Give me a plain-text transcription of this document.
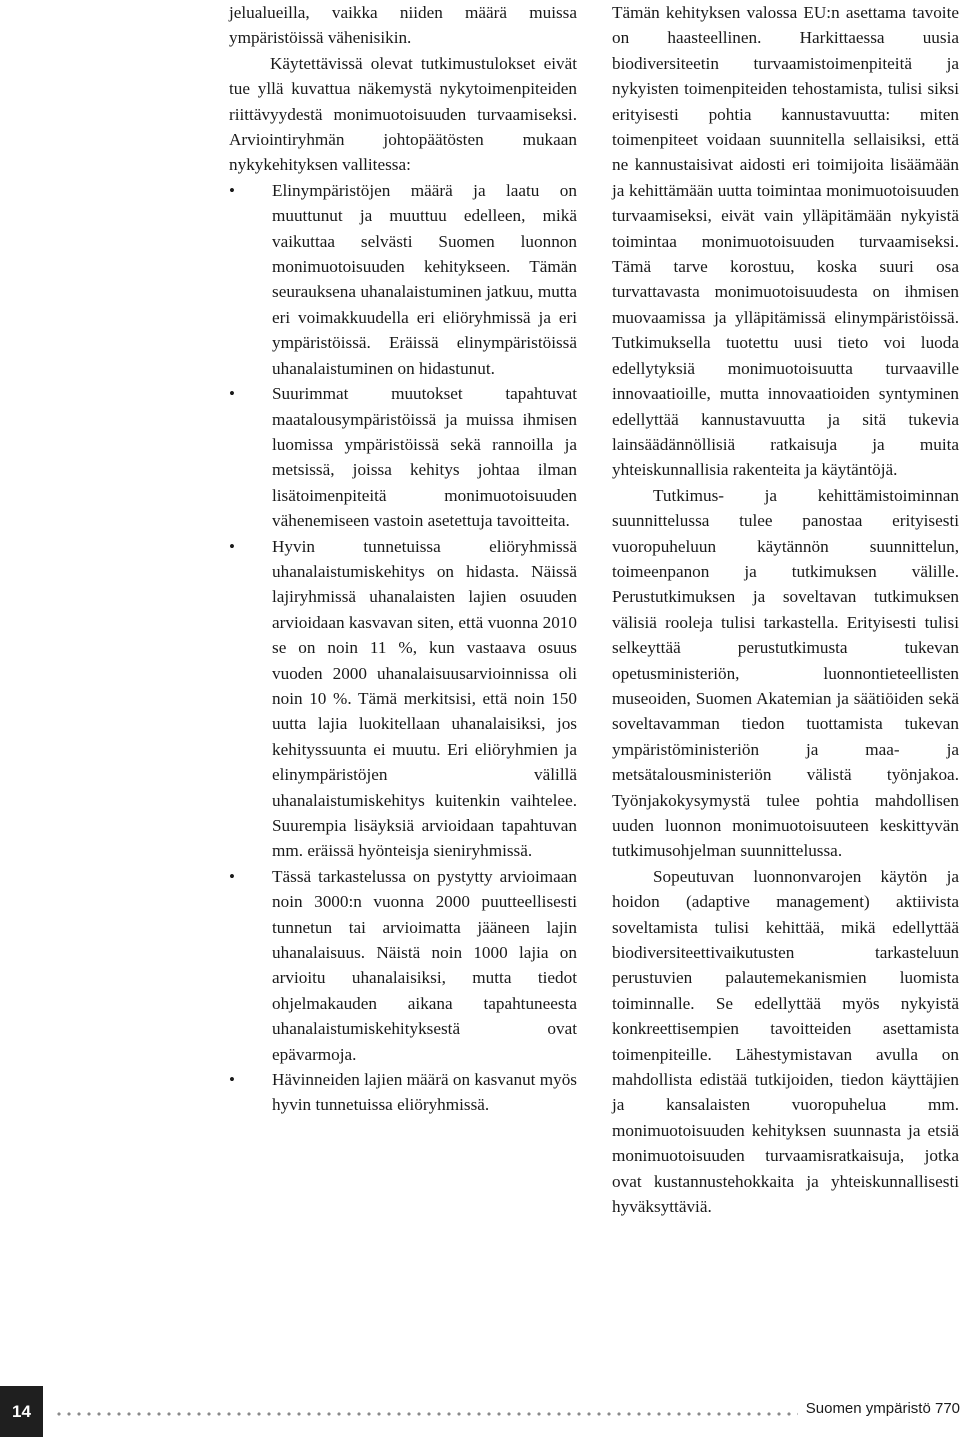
jelualueilla, vaikka niiden määrä muissa ympäristöissä vähenisikin.

Käytettävissä olevat tutkimustulokset eivät tue yllä kuvattua näkemystä nykytoimenpiteiden riittävyydestä monimuotoisuuden turvaamiseksi. Arviointiryhmän johtopäätösten mukaan nykykehityksen vallitessa:

• Elinympäristöjen määrä ja laatu on muuttunut ja muuttuu edelleen, mikä vaikuttaa selvästi Suomen luonnon monimuotoisuuden kehitykseen. Tämän seurauksena uhanalaistuminen jatkuu, mutta eri voimakkuudella eri eliöryhmissä ja eri ympäristöissä. Eräissä elinympäristöissä uhanalaistuminen on hidastunut.
• Suurimmat muutokset tapahtuvat maatalousympäristöissä ja muissa ihmisen luomissa ympäristöissä sekä rannoilla ja metsissä, joissa kehitys johtaa ilman lisätoimenpiteitä monimuotoisuuden vähenemiseen vastoin asetettuja tavoitteita.
• Hyvin tunnetuissa eliöryhmissä uhanalaistumiskehitys on hidasta. Näissä lajiryhmissä uhanalaisten lajien osuuden arvioidaan kasvavan siten, että vuonna 2010 se on noin 11 %, kun vastaava osuus vuoden 2000 uhanalaisuusarvioinnissa oli noin 10 %. Tämä merkitsisi, että noin 150 uutta lajia luokitellaan uhanalaisiksi, jos kehityssuunta ei muutu. Eri eliöryhmien ja elinympäristöjen välillä uhanalaistumiskehitys kuitenkin vaihtelee. Suurempia lisäyksiä arvioidaan tapahtuvan mm. eräissä hyönteisja sieniryhmissä.
• Tässä tarkastelussa on pystytty arvioimaan noin 3000:n vuonna 2000 puutteellisesti tunnetun tai arvioimatta jääneen lajin uhanalaisuus. Näistä noin 1000 lajia on arvioitu uhanalaisiksi, mutta tiedot ohjelmakauden aikana tapahtuneesta uhanalaistumiskehityksestä ovat epävarmoja.
• Hävinneiden lajien määrä on kasvanut myös hyvin tunnetuissa eliöryhmissä.

Tämän kehityksen valossa EU:n asettama tavoite on haasteellinen. Harkittaessa uusia biodiversiteetin turvaamistoimenpiteitä ja nykyisten toimenpiteiden tehostamista, tulisi siksi erityisesti pohtia kannustavuutta: miten toimenpiteet voidaan suunnitella sellaisiksi, että ne kannustaisivat aidosti eri toimijoita lisäämään ja kehittämään uutta toimintaa monimuotoisuuden turvaamiseksi, eivät vain ylläpitämään nykyistä toimintaa monimuotoisuuden turvaamiseksi. Tämä tarve korostuu, koska suuri osa turvattavasta monimuotoisuudesta on ihmisen muovaamissa ja ylläpitämissä elinympäristöissä. Tutkimuksella tuotettu uusi tieto voi luoda edellytyksiä monimuotoisuutta turvaaville innovaatioille, mutta innovaatioiden syntyminen edellyttää kannustavuutta ja sitä tukevia lainsäädännöllisiä ratkaisuja ja muita yhteiskunnallisia rakenteita ja käytäntöjä.

Tutkimus- ja kehittämistoiminnan suunnittelussa tulee panostaa erityisesti vuoropuheluun käytännön suunnittelun, toimeenpanon ja tutkimuksen välille. Perustutkimuksen ja soveltavan tutkimuksen välisiä rooleja tulisi tarkastella. Erityisesti tulisi selkeyttää perustutkimusta tukevan opetusministeriön, luonnontieteellisten museoiden, Suomen Akatemian ja säätiöiden sekä soveltavamman tiedon tuottamista tukevan ympäristöministeriön ja maa- ja metsätalousministeriön välistä työnjakoa. Työnjakokysymystä tulee pohtia mahdollisen uuden luonnon monimuotoisuuteen keskittyvän tutkimusohjelman suunnittelussa.

Sopeutuvan luonnonvarojen käytön ja hoidon (adaptive management) aktiivista soveltamista tulisi kehittää, mikä edellyttää biodiversiteettivaikutusten tarkasteluun perustuvien palautemekanismien luomista toiminnalle. Se edellyttää myös nykyistä konkreettisempien tavoitteiden asettamista toimenpiteille. Lähestymistavan avulla on mahdollista edistää tutkijoiden, tiedon käyttäjien ja kansalaisten vuoropuhelua mm. monimuotoisuuden kehityksen suunnasta ja etsiä monimuotoisuuden turvaamisratkaisuja, jotka ovat kustannustehokkaita ja yhteiskunnallisesti hyväksyttäviä.

14	Suomen ympäristö 770
